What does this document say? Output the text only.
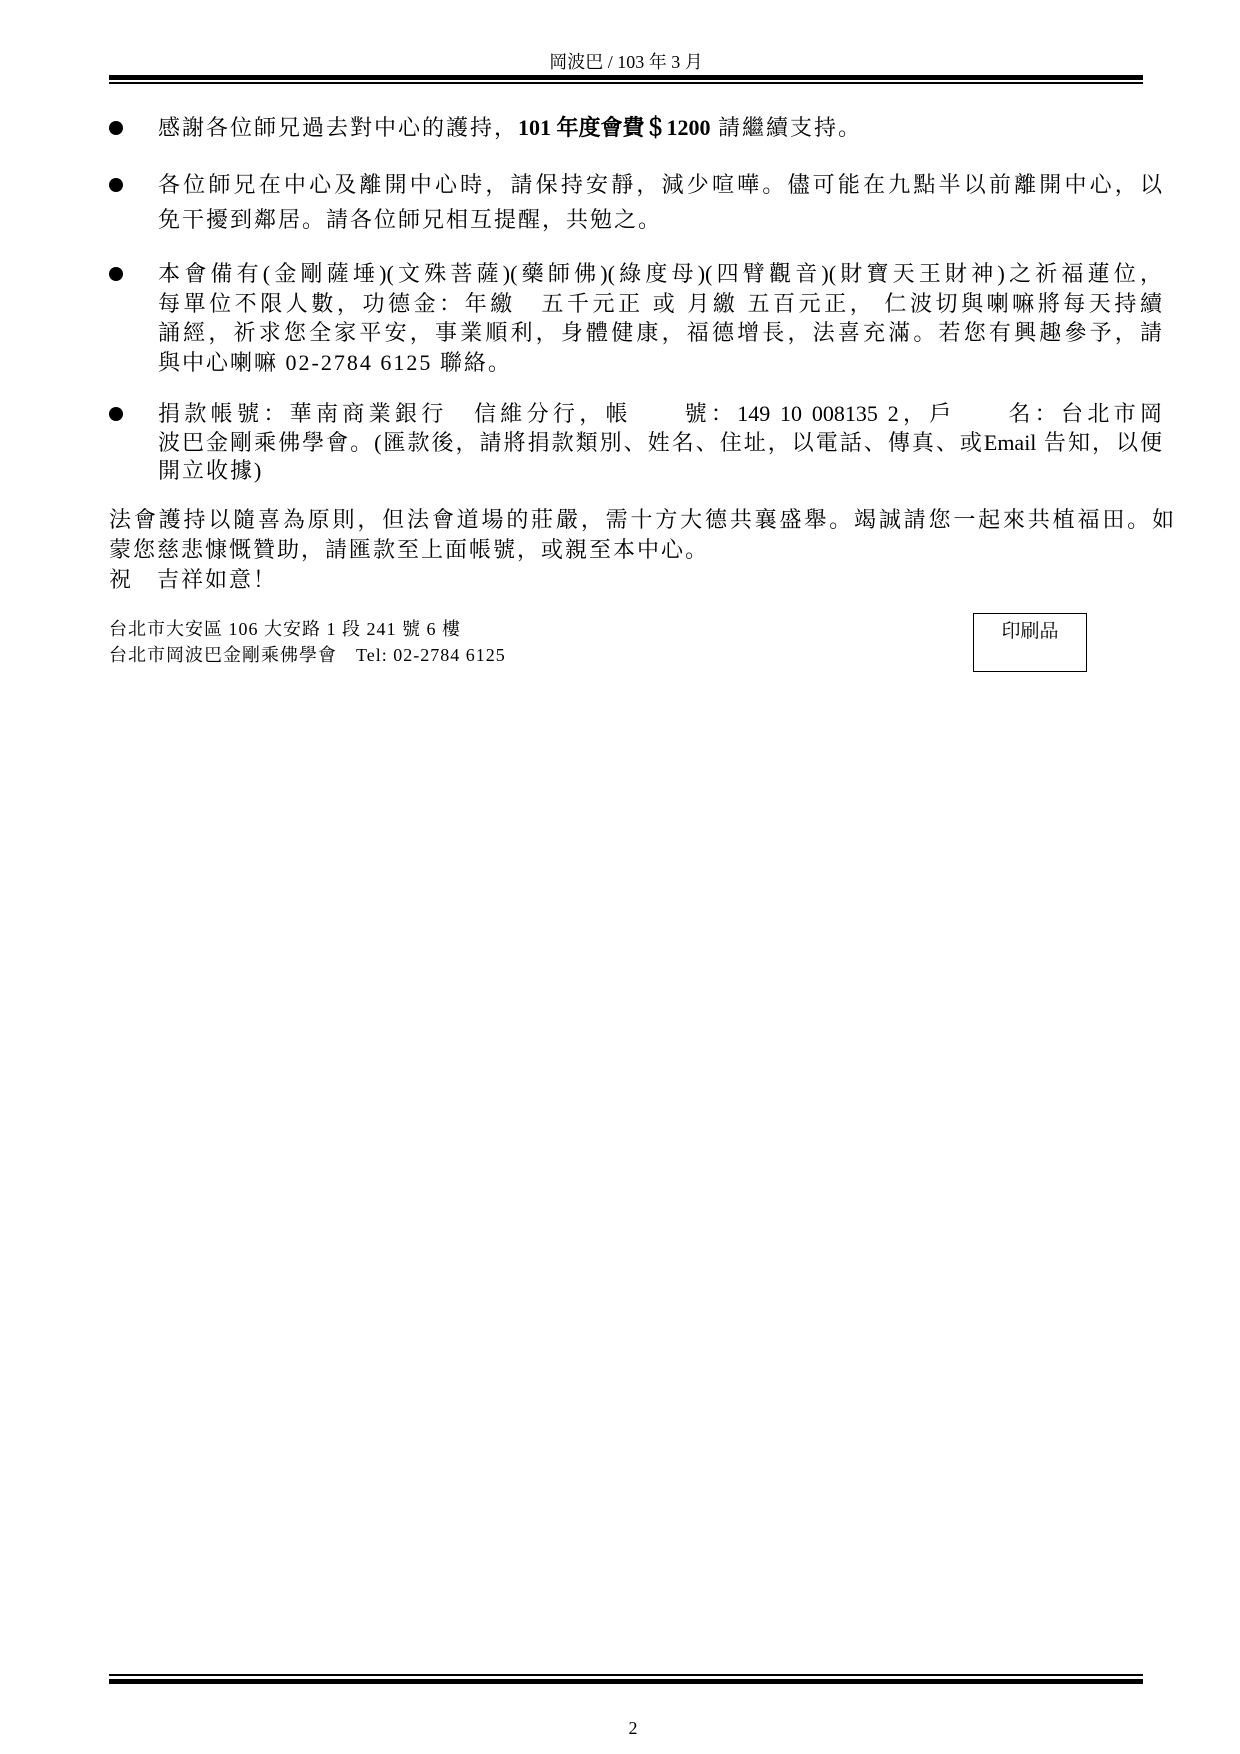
岡波巴 / 103 年 3 月
感謝各位師兄過去對中心的護持，101 年度會費＄1200 請繼續支持。
各位師兄在中心及離開中心時，請保持安靜，減少喧嘩。儘可能在九點半以前離開中心，以
免干擾到鄰居。請各位師兄相互提醒，共勉之。
本會備有(金剛薩埵)(文殊菩薩)(藥師佛)(綠度母)(四臂觀音)(財寶天王財神)之祈福蓮位，
每單位不限人數，功德金：年繳　五千元正 或 月繳 五百元正， 仁波切與喇嘛將每天持續
誦經，祈求您全家平安，事業順利，身體健康，福德增長，法喜充滿。若您有興趣參予，請
與中心喇嘛 02-2784 6125 聯絡。
捐款帳號：華南商業銀行　信維分行，帳　　號：149 10 008135 2，戶　　名：台北市岡
波巴金剛乘佛學會。(匯款後，請將捐款類別、姓名、住址，以電話、傳真、或Email 告知，以便
開立收據)
法會護持以隨喜為原則，但法會道場的莊嚴，需十方大德共襄盛舉。竭誠請您一起來共植福田。如
蒙您慈悲慷慨贊助，請匯款至上面帳號，或親至本中心。
祝　吉祥如意！
台北市大安區 106 大安路 1 段 241 號 6 樓
台北市岡波巴金剛乘佛學會　Tel: 02-2784 6125
印刷品
2
